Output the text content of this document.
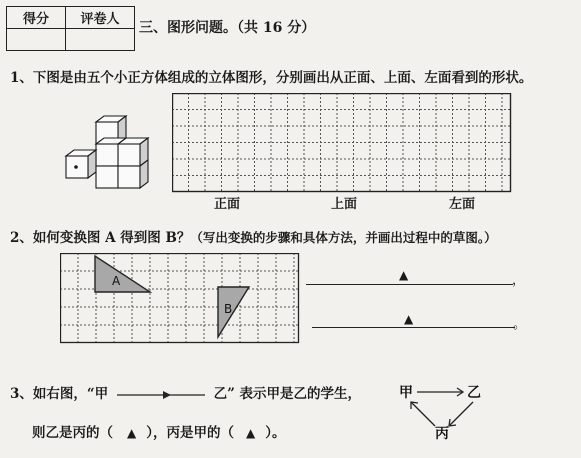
得分	评卷人

三、图形问题。（共 16 分）
1、下图是由五个小正方体组成的立体图形，分别画出从正面、上面、左面看到的形状。
正面	上面	左面
2、如何变换图 A 得到图 B？（写出变换的步骤和具体方法，并画出过程中的草图。）
A
B
▲	，
▲	。
3、如右图，“甲	乙” 表示甲是乙的学生，
则乙是丙的（ ▲ ），丙是甲的（ ▲ ）。
甲	乙
丙
